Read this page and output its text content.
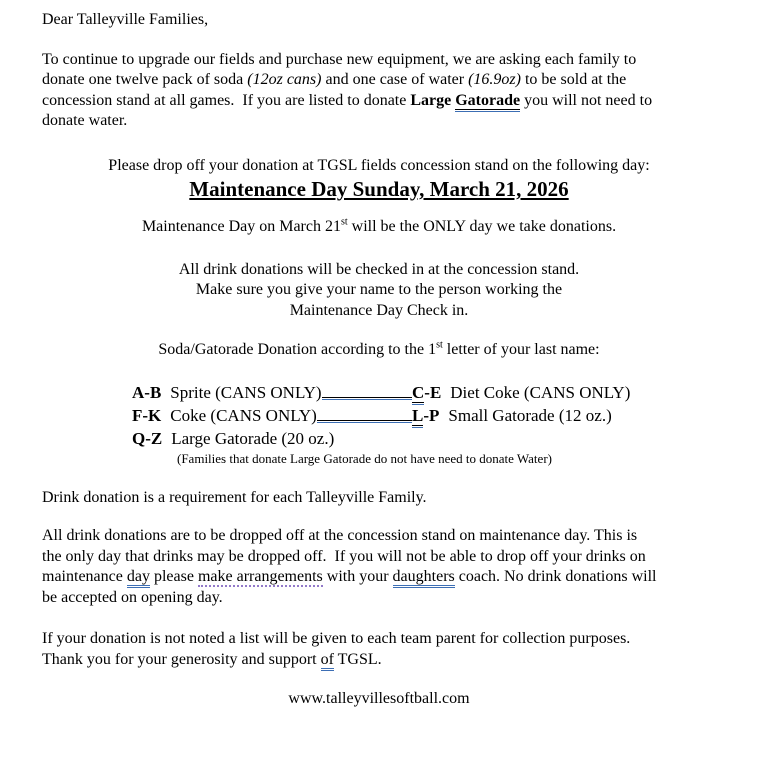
Dear Talleyville Families,
To continue to upgrade our fields and purchase new equipment, we are asking each family to
donate one twelve pack of soda (12oz cans) and one case of water (16.9oz) to be sold at the
concession stand at all games.  If you are listed to donate Large Gatorade you will not need to
donate water.
Please drop off your donation at TGSL fields concession stand on the following day:
Maintenance Day Sunday, March 21, 2026
Maintenance Day on March 21st will be the ONLY day we take donations.
All drink donations will be checked in at the concession stand.
Make sure you give your name to the person working the
Maintenance Day Check in.
Soda/Gatorade Donation according to the 1st letter of your last name:
A-B Sprite (CANS ONLY)	C-E Diet Coke (CANS ONLY)
F-K Coke (CANS ONLY)	L-P Small Gatorade (12 oz.)
Q-Z Large Gatorade (20 oz.)
(Families that donate Large Gatorade do not have need to donate Water)
Drink donation is a requirement for each Talleyville Family.
All drink donations are to be dropped off at the concession stand on maintenance day. This is
the only day that drinks may be dropped off.  If you will not be able to drop off your drinks on
maintenance day please make arrangements with your daughters coach. No drink donations will
be accepted on opening day.
If your donation is not noted a list will be given to each team parent for collection purposes.
Thank you for your generosity and support of TGSL.
www.talleyvillesoftball.com
